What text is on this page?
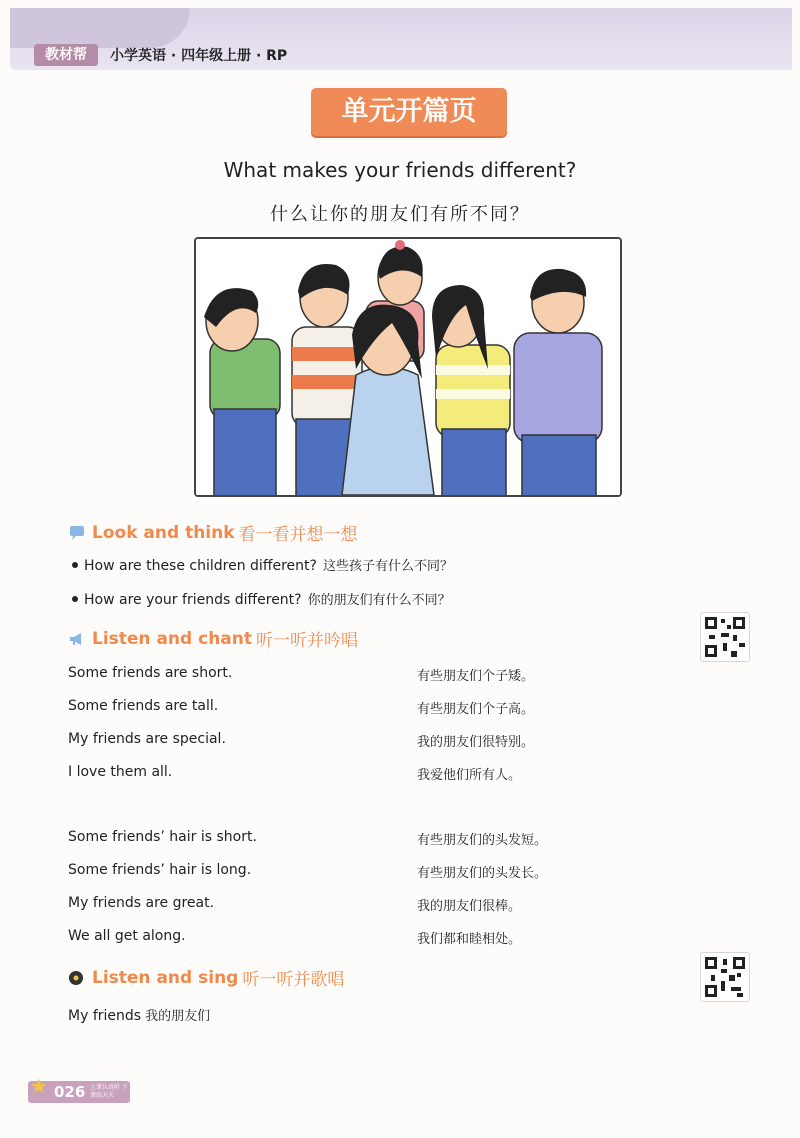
教材帮	小学英语 · 四年级上册 · RP
单元开篇页
What makes your friends different?
什么让你的朋友们有所不同？
Look and think 看一看并想一想
How are these children different? 这些孩子有什么不同？
How are your friends different? 你的朋友们有什么不同？
Listen and chant 听一听并吟唱
Some friends are short.	有些朋友们个子矮。
Some friends are tall.	有些朋友们个子高。
My friends are special.	我的朋友们很特别。
I love them all.	我爱他们所有人。
Some friends’ hair is short.	有些朋友们的头发短。
Some friends’ hair is long.	有些朋友们的头发长。
My friends are great.	我的朋友们很棒。
We all get along.	我们都和睦相处。
Listen and sing 听一听并歌唱
My friends 我的朋友们
★ 026 上课认真听 下课练天天
